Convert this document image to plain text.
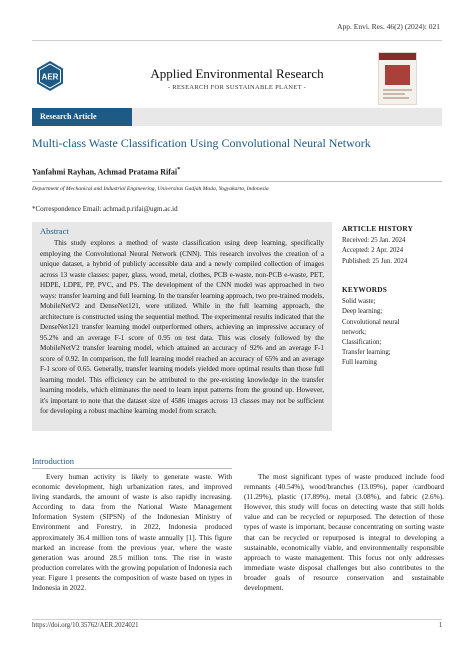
App. Envi. Res. 46(2) (2024): 021
AER	Applied Environmental Research
- RESEARCH FOR SUSTAINABLE PLANET -
Research Article
Multi-class Waste Classification Using Convolutional Neural Network
Yanfahmi Rayhan, Achmad Pratama Rifai*
Department of Mechanical and Industrial Engineering, Universitas Gadjah Mada, Yogyakarta, Indonesia
*Correspondence Email: achmad.p.rifai@ugm.ac.id
Abstract
This study explores a method of waste classification using deep learning, specifically employing the Convolutional Neural Network (CNN). This research involves the creation of a unique dataset, a hybrid of publicly accessible data and a newly compiled collection of images across 13 waste classes: paper, glass, wood, metal, clothes, PCB e-waste, non-PCB e-waste, PET, HDPE, LDPE, PP, PVC, and PS. The development of the CNN model was approached in two ways: transfer learning and full learning. In the transfer learning approach, two pre-trained models, MobileNetV2 and DenseNet121, were utilized. While in the full learning approach, the architecture is constructed using the sequential method. The experimental results indicated that the DenseNet121 transfer learning model outperformed others, achieving an impressive accuracy of 95.2% and an average F-1 score of 0.95 on test data. This was closely followed by the MobileNetV2 transfer learning model, which attained an accuracy of 92% and an average F-1 score of 0.92. In comparison, the full learning model reached an accuracy of 65% and an average F-1 score of 0.65. Generally, transfer learning models yielded more optimal results than those full learning model. This efficiency can be attributed to the pre-existing knowledge in the transfer learning models, which eliminates the need to learn input patterns from the ground up. However, it's important to note that the dataset size of 4586 images across 13 classes may not be sufficient for developing a robust machine learning model from scratch.
ARTICLE HISTORY
Received: 25 Jan. 2024
Accepted: 2 Apr. 2024
Published: 25 Jun. 2024
KEYWORDS
Solid waste;
Deep learning;
Convolutional neural
network;
Classification;
Transfer learning;
Full learning
Introduction
Every human activity is likely to generate waste. With economic development, high urbanization rates, and improved living standards, the amount of waste is also rapidly increasing. According to data from the National Waste Management Information System (SIPSN) of the Indonesian Ministry of Environment and Forestry, in 2022, Indonesia produced approximately 36.4 million tons of waste annually [1]. This figure marked an increase from the previous year, where the waste generation was around 28.5 million tons. The rise in waste production correlates with the growing population of Indonesia each year. Figure 1 presents the composition of waste based on types in Indonesia in 2022.
The most significant types of waste produced include food remnants (40.54%), wood/branches (13.09%), paper /cardboard (11.29%), plastic (17.89%), metal (3.08%), and fabric (2.6%). However, this study will focus on detecting waste that still holds value and can be recycled or repurposed. The detection of those types of waste is important, because concentrating on sorting waste that can be recycled or repurposed is integral to developing a sustainable, economically viable, and environmentally responsible approach to waste management. This focus not only addresses immediate waste disposal challenges but also contributes to the broader goals of resource conservation and sustainable development.
https://doi.org/10.35762/AER.2024021	1
